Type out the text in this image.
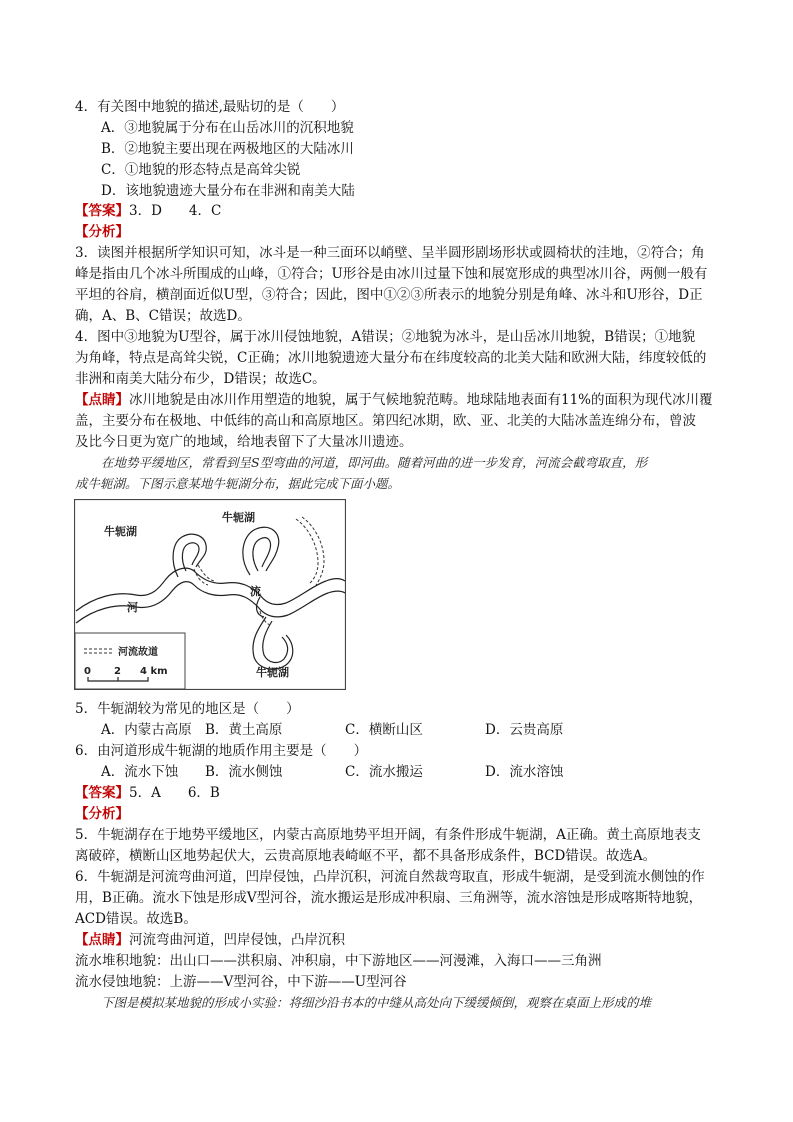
4．有关图中地貌的描述,最贴切的是（　　）
A．③地貌属于分布在山岳冰川的沉积地貌
B．②地貌主要出现在两极地区的大陆冰川
C．①地貌的形态特点是高耸尖锐
D．该地貌遗迹大量分布在非洲和南美大陆
【答案】3．D　　4．C
【分析】
3．读图并根据所学知识可知，冰斗是一种三面环以峭壁、呈半圆形剧场形状或圆椅状的洼地，②符合；角
峰是指由几个冰斗所围成的山峰，①符合；U形谷是由冰川过量下蚀和展宽形成的典型冰川谷，两侧一般有
平坦的谷肩，横剖面近似U型，③符合；因此，图中①②③所表示的地貌分别是角峰、冰斗和U形谷，D正
确，A、B、C错误；故选D。
4．图中③地貌为U型谷，属于冰川侵蚀地貌，A错误；②地貌为冰斗，是山岳冰川地貌，B错误；①地貌
为角峰，特点是高耸尖锐，C正确；冰川地貌遗迹大量分布在纬度较高的北美大陆和欧洲大陆，纬度较低的
非洲和南美大陆分布少，D错误；故选C。
【点睛】冰川地貌是由冰川作用塑造的地貌，属于气候地貌范畴。地球陆地表面有11%的面积为现代冰川覆
盖，主要分布在极地、中低纬的高山和高原地区。第四纪冰期，欧、亚、北美的大陆冰盖连绵分布，曾波
及比今日更为宽广的地域，给地表留下了大量冰川遗迹。
在地势平缓地区，常看到呈S型弯曲的河道，即河曲。随着河曲的进一步发育，河流会截弯取直，形
成牛轭湖。下图示意某地牛轭湖分布，据此完成下面小题。
牛轭湖
牛轭湖
牛轭湖
河
流
河流故道
0 2 4 km
5．牛轭湖较为常见的地区是（　　）
A．内蒙古高原 B．黄土高原	C．横断山区	D．云贵高原
6．由河道形成牛轭湖的地质作用主要是（　　）
A．流水下蚀 B．流水侧蚀	C．流水搬运	D．流水溶蚀
【答案】5．A　　6．B
【分析】
5．牛轭湖存在于地势平缓地区，内蒙古高原地势平坦开阔，有条件形成牛轭湖，A正确。黄土高原地表支
离破碎，横断山区地势起伏大，云贵高原地表崎岖不平，都不具备形成条件，BCD错误。故选A。
6．牛轭湖是河流弯曲河道，凹岸侵蚀，凸岸沉积，河流自然裁弯取直，形成牛轭湖，是受到流水侧蚀的作
用，B正确。流水下蚀是形成V型河谷，流水搬运是形成冲积扇、三角洲等，流水溶蚀是形成喀斯特地貌，
ACD错误。故选B。
【点睛】河流弯曲河道，凹岸侵蚀，凸岸沉积
流水堆积地貌：出山口——洪积扇、冲积扇，中下游地区——河漫滩，入海口——三角洲
流水侵蚀地貌：上游——V型河谷，中下游——U型河谷
下图是模拟某地貌的形成小实验：将细沙沿书本的中缝从高处向下缓缓倾倒，观察在桌面上形成的堆
